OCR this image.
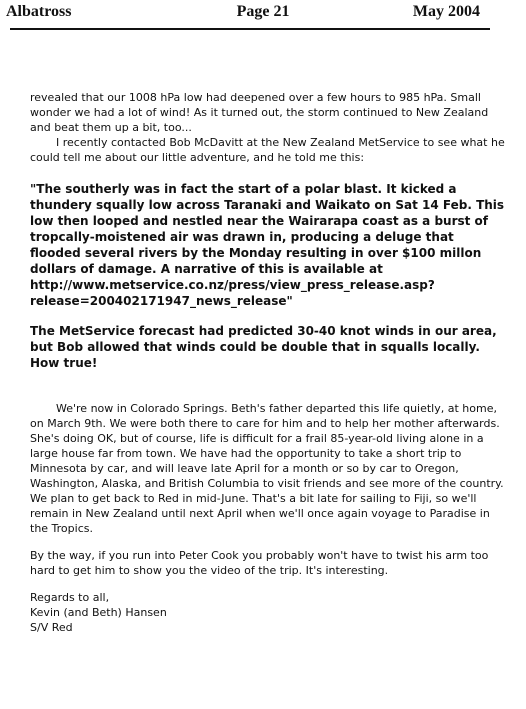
Albatross	Page 21	May 2004

revealed that our 1008 hPa low had deepened over a few hours to 985 hPa. Small wonder we had a lot of wind! As it turned out, the storm continued to New Zealand and beat them up a bit, too...

I recently contacted Bob McDavitt at the New Zealand MetService to see what he could tell me about our little adventure, and he told me this:

"The southerly was in fact the start of a polar blast. It kicked a thundery squally low across Taranaki and Waikato on Sat 14 Feb. This low then looped and nestled near the Wairarapa coast as a burst of tropcally-moistened air was drawn in, producing a deluge that flooded several rivers by the Monday resulting in over $100 millon dollars of damage. A narrative of this is available at http://www.metservice.co.nz/press/view_press_release.asp?release=200402171947_news_release"

The MetService forecast had predicted 30-40 knot winds in our area, but Bob allowed that winds could be double that in squalls locally. How true!

We're now in Colorado Springs. Beth's father departed this life quietly, at home, on March 9th. We were both there to care for him and to help her mother afterwards. She's doing OK, but of course, life is difficult for a frail 85-year-old living alone in a large house far from town. We have had the opportunity to take a short trip to Minnesota by car, and will leave late April for a month or so by car to Oregon, Washington, Alaska, and British Columbia to visit friends and see more of the country. We plan to get back to Red in mid-June. That's a bit late for sailing to Fiji, so we'll remain in New Zealand until next April when we'll once again voyage to Paradise in the Tropics.

By the way, if you run into Peter Cook you probably won't have to twist his arm too hard to get him to show you the video of the trip. It's interesting.

Regards to all,

Kevin (and Beth) Hansen

S/V Red
